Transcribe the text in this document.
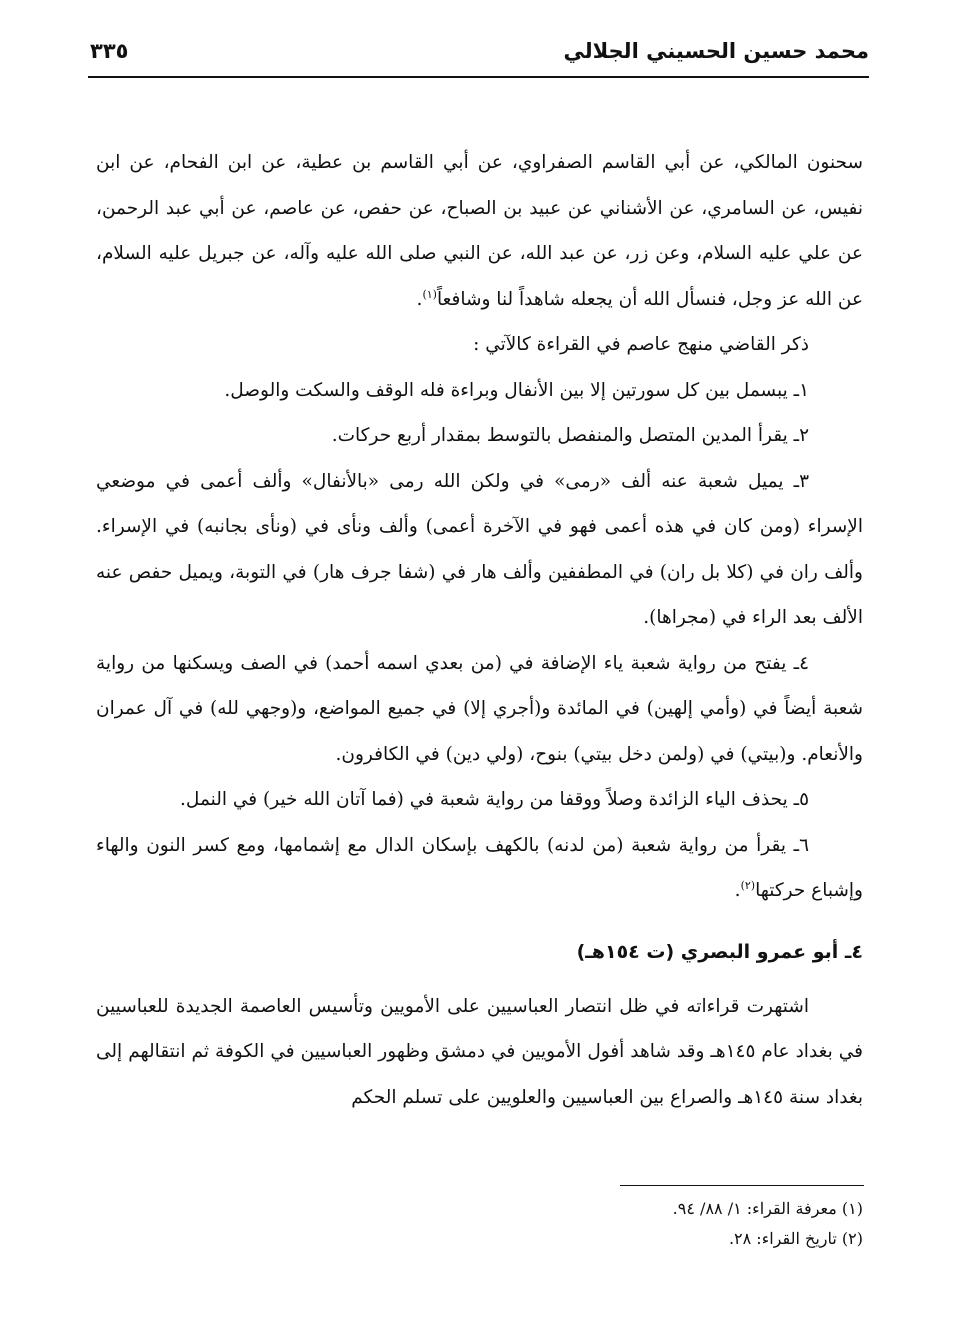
محمد حسين الحسيني الجلالي
٣٣٥

سحنون المالكي، عن أبي القاسم الصفراوي، عن أبي القاسم بن عطية، عن ابن الفحام، عن ابن نفيس، عن السامري، عن الأشناني عن عبيد بن الصباح، عن حفص، عن عاصم، عن أبي عبد الرحمن، عن علي عليه السلام، وعن زر، عن عبد الله، عن النبي صلى الله عليه وآله، عن جبريل عليه السلام، عن الله عز وجل، فنسأل الله أن يجعله شاهداً لنا وشافعاً$^{(١)}$.

ذكر القاضي منهج عاصم في القراءة كالآتي :

١ـ يبسمل بين كل سورتين إلا بين الأنفال وبراءة فله الوقف والسكت والوصل.

٢ـ يقرأ المدين المتصل والمنفصل بالتوسط بمقدار أربع حركات.

٣ـ يميل شعبة عنه ألف «رمى» في ولكن الله رمى «بالأنفال» وألف أعمى في موضعي الإسراء (ومن كان في هذه أعمى فهو في الآخرة أعمى) وألف ونأى في (ونأى بجانبه) في الإسراء. وألف ران في (كلا بل ران) في المطففين وألف هار في (شفا جرف هار) في التوبة، ويميل حفص عنه الألف بعد الراء في (مجراها).

٤ـ يفتح من رواية شعبة ياء الإضافة في (من بعدي اسمه أحمد) في الصف ويسكنها من رواية شعبة أيضاً في (وأمي إلهين) في المائدة و(أجري إلا) في جميع المواضع، و(وجهي لله) في آل عمران والأنعام. و(بيتي) في (ولمن دخل بيتي) بنوح، (ولي دين) في الكافرون.

٥ـ يحذف الياء الزائدة وصلاً ووقفا من رواية شعبة في (فما آتان الله خير) في النمل.

٦ـ يقرأ من رواية شعبة (من لدنه) بالكهف بإسكان الدال مع إشمامها، ومع كسر النون والهاء وإشباع حركتها$^{(٢)}$.

٤ـ أبو عمرو البصري (ت ١٥٤هـ)

اشتهرت قراءاته في ظل انتصار العباسيين على الأمويين وتأسيس العاصمة الجديدة للعباسيين في بغداد عام ١٤٥هـ وقد شاهد أفول الأمويين في دمشق وظهور العباسيين في الكوفة ثم انتقالهم إلى بغداد سنة ١٤٥هـ والصراع بين العباسيين والعلويين على تسلم الحكم

(١) معرفة القراء: ١/ ٨٨/ ٩٤.
(٢) تاريخ القراء: ٢٨.
